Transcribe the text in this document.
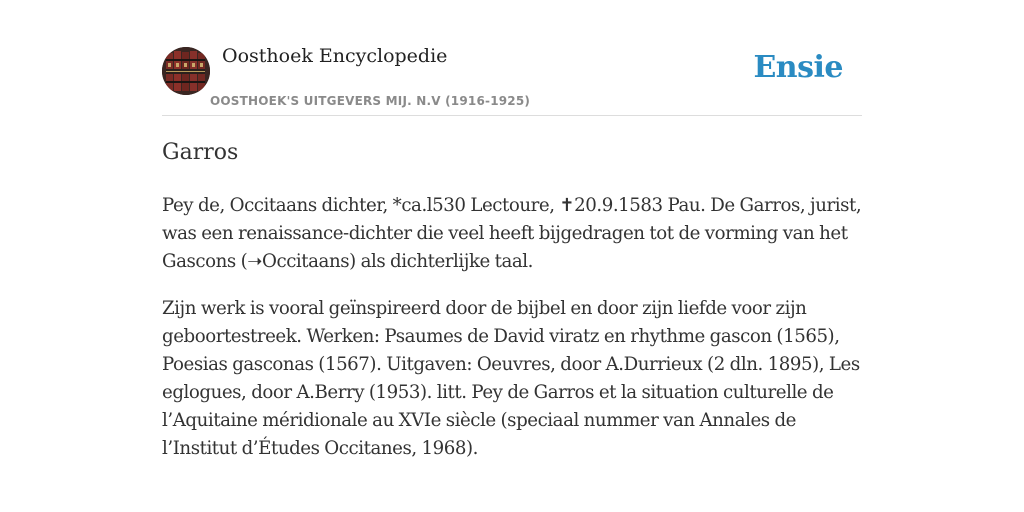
Oosthoek Encyclopedie
OOSTHOEK'S UITGEVERS MIJ. N.V (1916-1925)
Ensie
Garros

Pey de, Occitaans dichter, *ca.l530 Lectoure, ✝20.9.1583 Pau. De Garros, jurist, was een renaissance-dichter die veel heeft bijgedragen tot de vorming van het Gascons (➝Occitaans) als dichterlijke taal.

Zijn werk is vooral geïnspireerd door de bijbel en door zijn liefde voor zijn geboortestreek. Werken: Psaumes de David viratz en rhythme gascon (1565), Poesias gasconas (1567). Uitgaven: Oeuvres, door A.Durrieux (2 dln. 1895), Les eglogues, door A.Berry (1953). litt. Pey de Garros et la situation culturelle de l’Aquitaine méridionale au XVIe siècle (speciaal nummer van Annales de l’Institut d’Études Occitanes, 1968).
